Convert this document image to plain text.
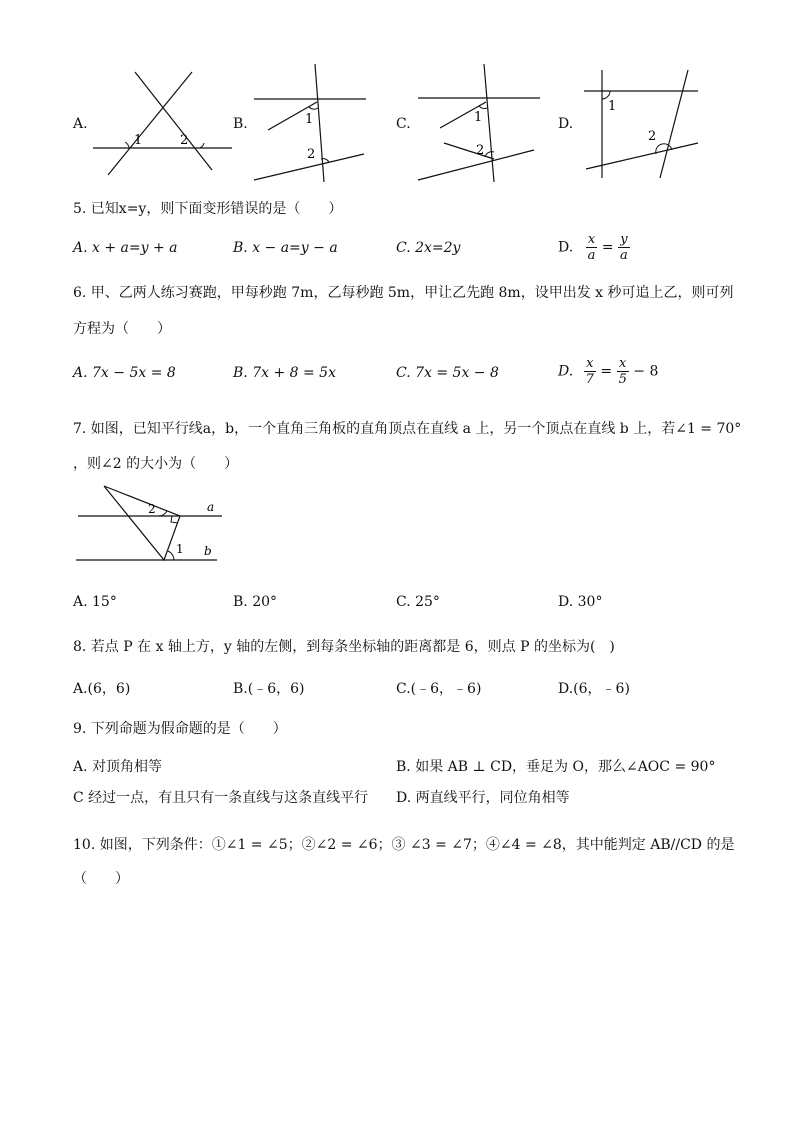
A.	B.	C.	D.
1	2
1
2
1
2
1
2
5. 已知x=y，则下面变形错误的是（　　）
A. x + a=y + a	B. x − a=y − a	C. 2x=2y	D. $\frac{x}{a} = \frac{y}{a}$
6. 甲、乙两人练习赛跑，甲每秒跑 7m，乙每秒跑 5m，甲让乙先跑 8m，设甲出发 x 秒可追上乙，则可列
方程为（　　）
A. 7x − 5x = 8	B. 7x + 8 = 5x	C. 7x = 5x − 8	D. $\frac{x}{7} = \frac{x}{5} - 8$
7. 如图，已知平行线a，b，一个直角三角板的直角顶点在直线 a 上，另一个顶点在直线 b 上，若∠1 = 70°
，则∠2 的大小为（　　）
2
1
a
b
A. 15°	B. 20°	C. 25°	D. 30°
8. 若点 P 在 x 轴上方，y 轴的左侧，到每条坐标轴的距离都是 6，则点 P 的坐标为(　)
A.(6，6)	B.(﹣6，6)	C.(﹣6，﹣6)	D.(6，﹣6)
9. 下列命题为假命题的是（　　）
A. 对顶角相等	B. 如果 AB ⊥ CD，垂足为 O，那么∠AOC = 90°
C 经过一点，有且只有一条直线与这条直线平行 D. 两直线平行，同位角相等
10. 如图，下列条件：①∠1 = ∠5；②∠2 = ∠6；③ ∠3 = ∠7；④∠4 = ∠8，其中能判定 AB//CD 的是
（　　）
